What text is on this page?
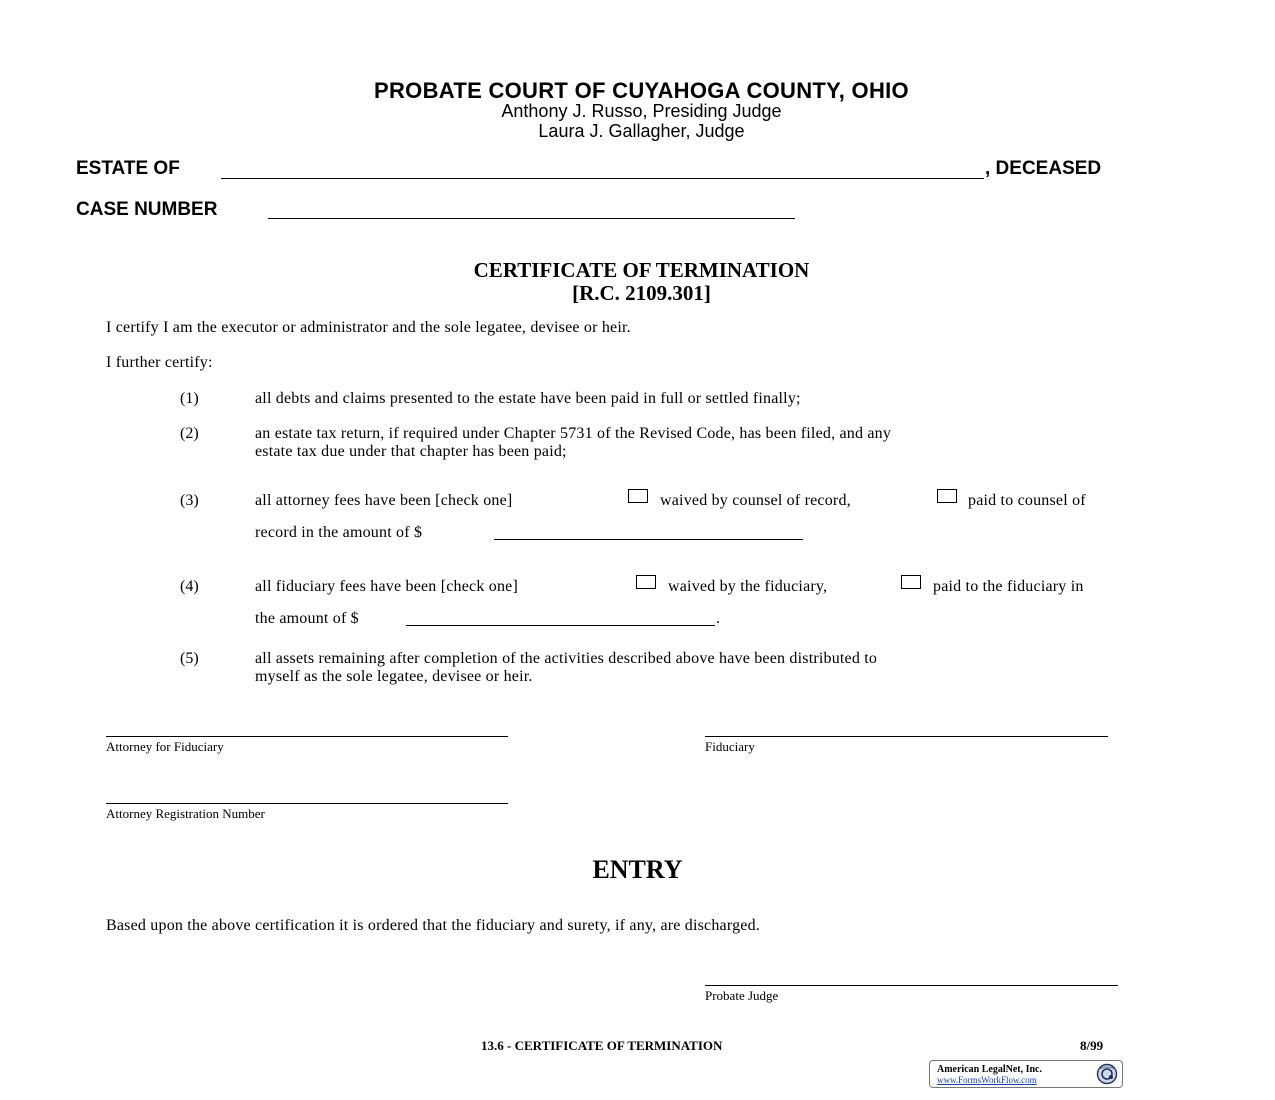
PROBATE COURT OF CUYAHOGA COUNTY, OHIO
Anthony J. Russo, Presiding Judge
Laura J. Gallagher, Judge
ESTATE OF	, DECEASED
CASE NUMBER
CERTIFICATE OF TERMINATION
[R.C. 2109.301]
I certify I am the executor or administrator and the sole legatee, devisee or heir.
I further certify:
(1)	all debts and claims presented to the estate have been paid in full or settled finally;
(2)	an estate tax return, if required under Chapter 5731 of the Revised Code, has been filed, and any
estate tax due under that chapter has been paid;
(3)	all attorney fees have been [check one]	waived by counsel of record,	paid to counsel of
record in the amount of $
(4)	all fiduciary fees have been [check one]	waived by the fiduciary,	paid to the fiduciary in
the amount of $	.
(5)	all assets remaining after completion of the activities described above have been distributed to
myself as the sole legatee, devisee or heir.
Attorney for Fiduciary	Fiduciary
Attorney Registration Number
ENTRY
Based upon the above certification it is ordered that the fiduciary and surety, if any, are discharged.
Probate Judge
13.6 - CERTIFICATE OF TERMINATION	8/99
American LegalNet, Inc.
www.FormsWorkFlow.com
